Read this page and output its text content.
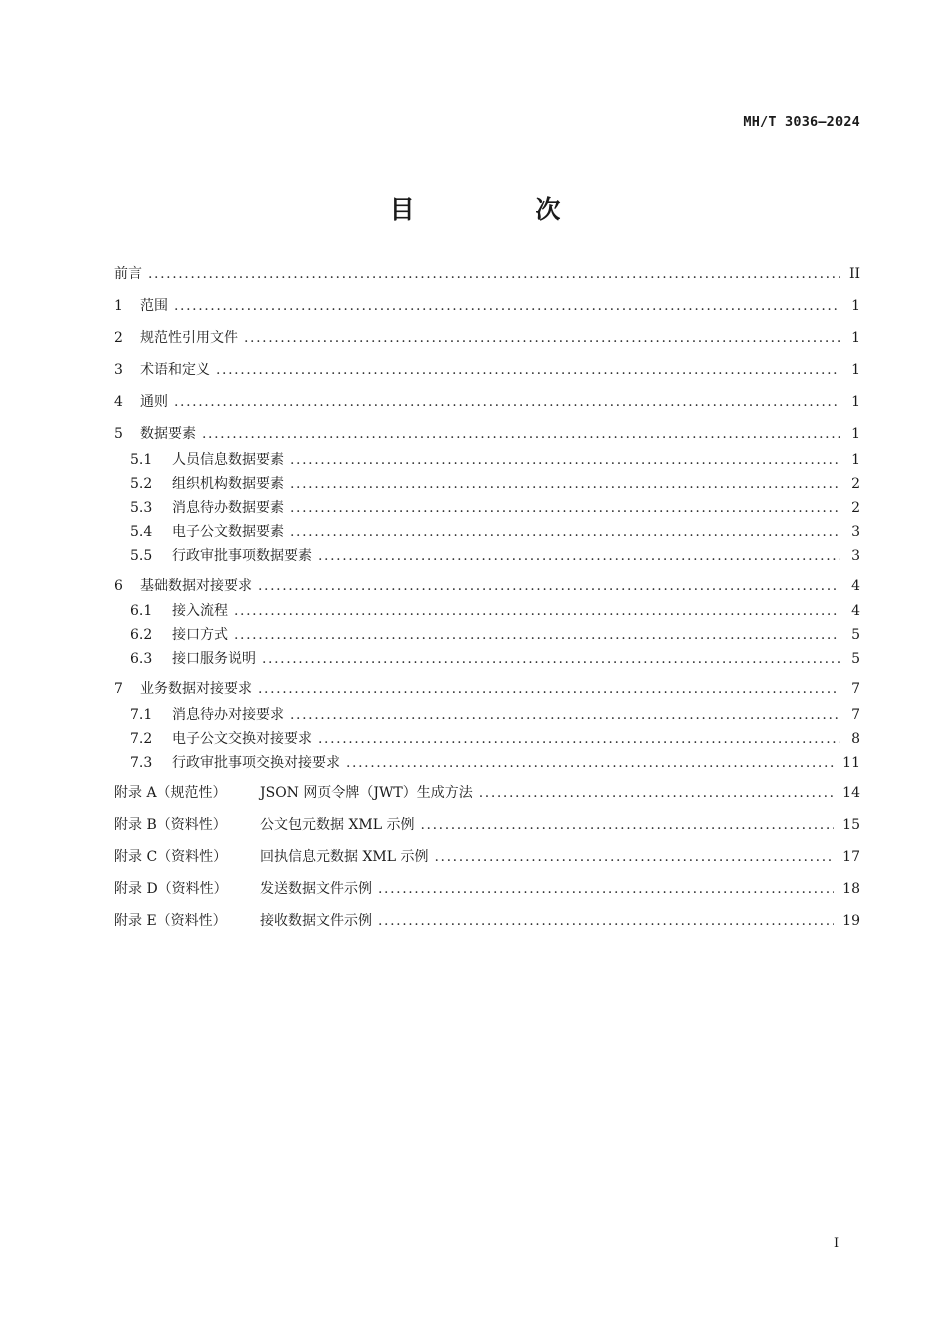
MH/T 3036—2024
目 次
前言 .....	II
1	范围 .....	1
2	规范性引用文件 .....	1
3	术语和定义 .....	1
4	通则 .....	1
5	数据要素 .....	1
5.1	人员信息数据要素 .....	1
5.2	组织机构数据要素 .....	2
5.3	消息待办数据要素 .....	2
5.4	电子公文数据要素 .....	3
5.5	行政审批事项数据要素 .....	3
6	基础数据对接要求 .....	4
6.1	接入流程 .....	4
6.2	接口方式 .....	5
6.3	接口服务说明 .....	5
7	业务数据对接要求 .....	7
7.1	消息待办对接要求 .....	7
7.2	电子公文交换对接要求 .....	8
7.3	行政审批事项交换对接要求 .....	11
附录 A（规范性）	JSON 网页令牌（JWT）生成方法 .....	14
附录 B（资料性）	公文包元数据 XML 示例 .....	15
附录 C（资料性）	回执信息元数据 XML 示例 .....	17
附录 D（资料性）	发送数据文件示例 .....	18
附录 E（资料性）	接收数据文件示例 .....	19
I
